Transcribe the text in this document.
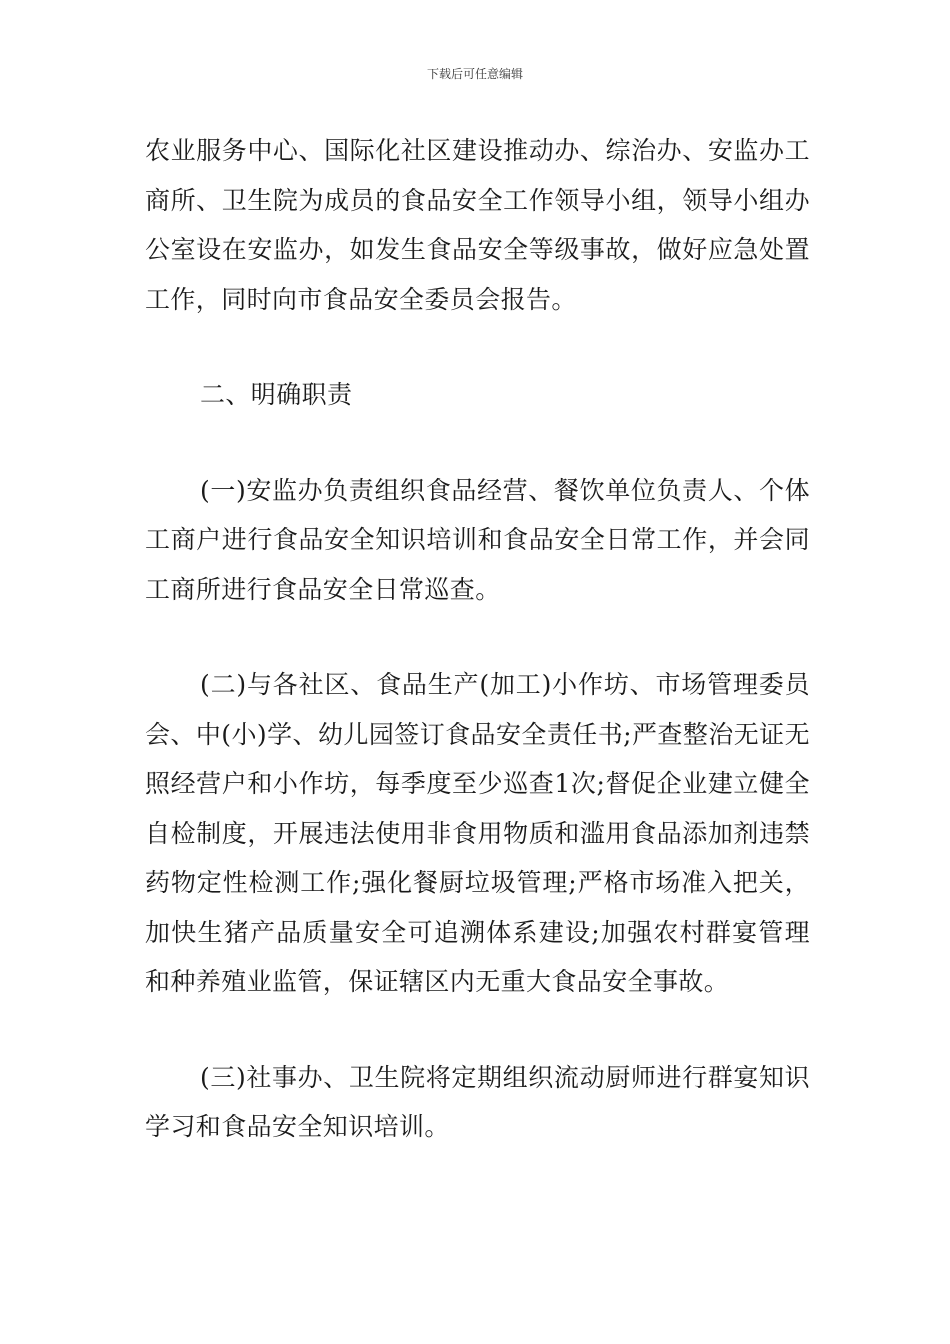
下载后可任意编辑

农业服务中心、国际化社区建设推动办、综治办、安监办工商所、卫生院为成员的食品安全工作领导小组，领导小组办公室设在安监办，如发生食品安全等级事故，做好应急处置工作，同时向市食品安全委员会报告。

二、明确职责

(一)安监办负责组织食品经营、餐饮单位负责人、个体工商户进行食品安全知识培训和食品安全日常工作，并会同工商所进行食品安全日常巡查。

(二)与各社区、食品生产(加工)小作坊、市场管理委员会、中(小)学、幼儿园签订食品安全责任书;严查整治无证无照经营户和小作坊，每季度至少巡查1次;督促企业建立健全自检制度，开展违法使用非食用物质和滥用食品添加剂违禁药物定性检测工作;强化餐厨垃圾管理;严格市场准入把关，加快生猪产品质量安全可追溯体系建设;加强农村群宴管理和种养殖业监管，保证辖区内无重大食品安全事故。

(三)社事办、卫生院将定期组织流动厨师进行群宴知识学习和食品安全知识培训。
